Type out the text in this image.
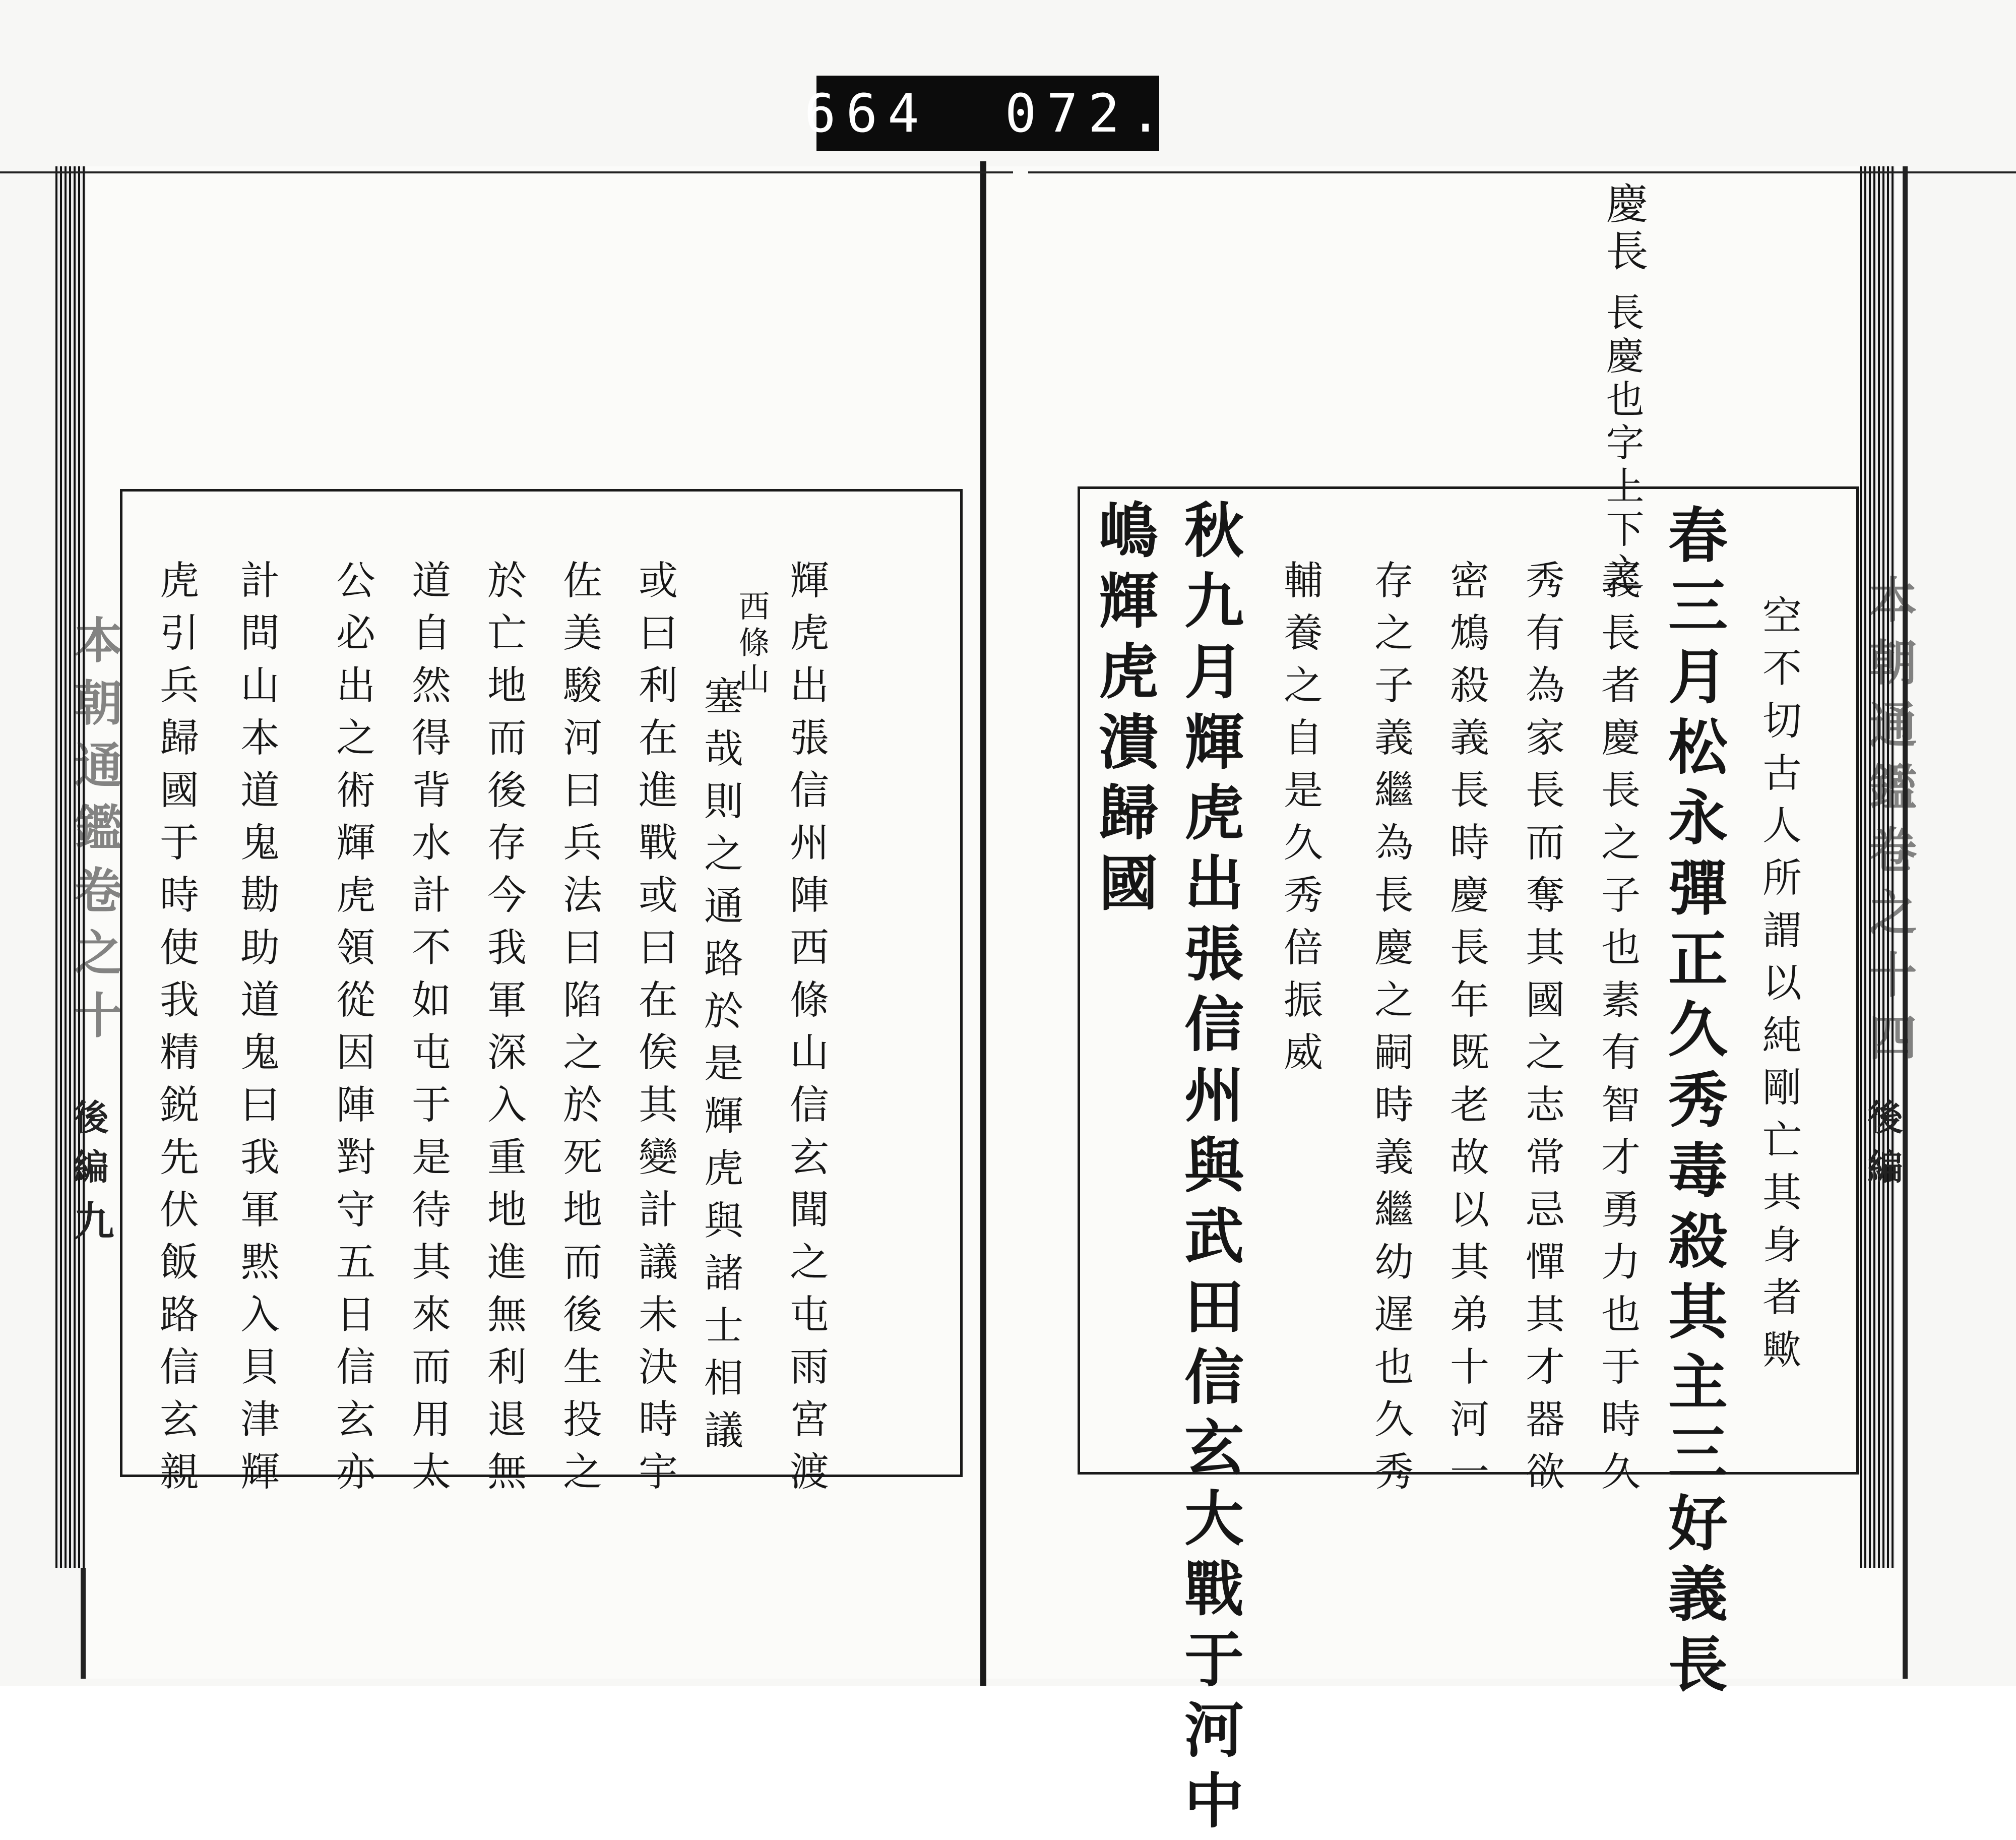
664 072.
本朝通鑑卷之十
後編
九	輝虎出張信州陣西條山信玄聞之屯雨宮渡
西條山
塞哉則之通路於是輝虎與諸士相議
或曰利在進戰或曰在俟其變計議未決時宇
佐美駿河曰兵法曰陷之於死地而後生投之
於亡地而後存今我軍深入重地進無利退無
道自然得背水計不如屯于是待其來而用太
公必出之術輝虎領從因陣對守五日信玄亦
計問山本道鬼勘助道鬼曰我軍黙入貝津輝
虎引兵歸國于時使我精鋭先伏飯路信玄親
慶長
長慶也字上下之
本朝通鑑卷之十四
後編
空不切古人所謂以純剛亡其身者歟
春三月松永彈正久秀毒殺其主三好義長
義長者慶長之子也素有智才勇力也于時久
秀有為家長而奪其國之志常忌憚其才器欲
密鴆殺義長時慶長年既老故以其弟十河一
存之子義繼為長慶之嗣時義繼幼遅也久秀
輔養之自是久秀倍振威
秋九月輝虎出張信州與武田信玄大戰于河中
嶋輝虎潰歸國
